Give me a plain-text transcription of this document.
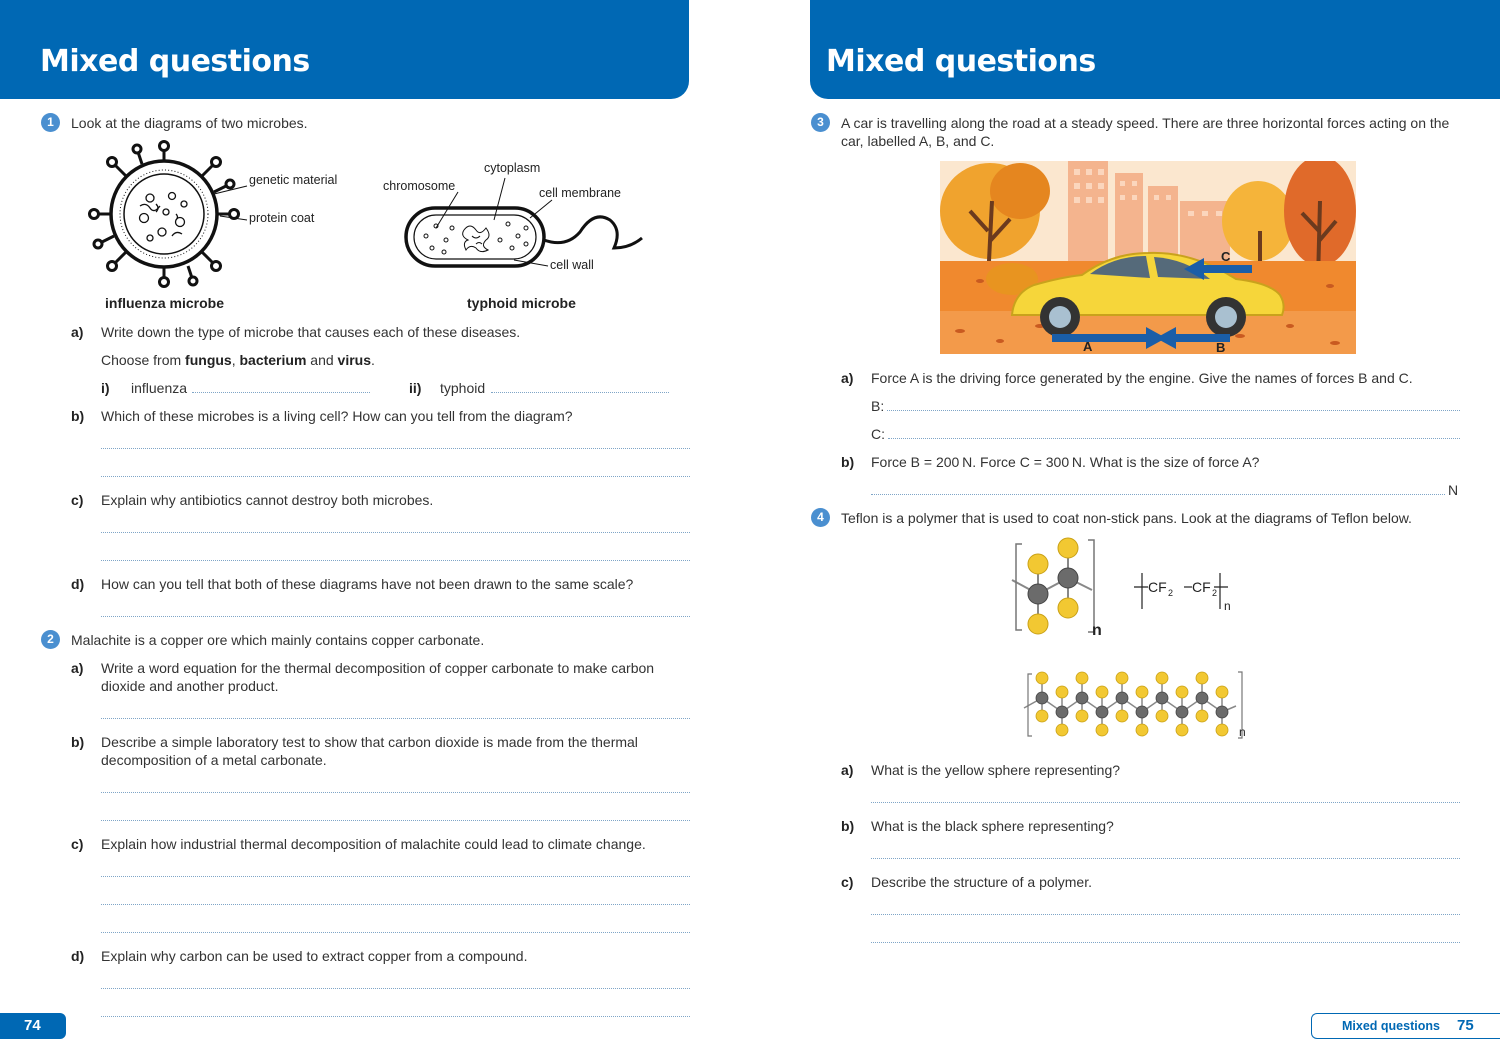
Mixed questions
1	Look at the diagrams of two microbes.
genetic material
protein coat
cytoplasm
chromosome	cell membrane
cell wall
influenza microbe	typhoid microbe
a) Write down the type of microbe that causes each of these diseases.
Choose from fungus, bacterium and virus.
i) influenza	ii) typhoid
b) Which of these microbes is a living cell? How can you tell from the diagram?
c) Explain why antibiotics cannot destroy both microbes.
d) How can you tell that both of these diagrams have not been drawn to the same scale?
2	Malachite is a copper ore which mainly contains copper carbonate.
a) Write a word equation for the thermal decomposition of copper carbonate to make carbon
dioxide and another product.
b) Describe a simple laboratory test to show that carbon dioxide is made from the thermal
decomposition of a metal carbonate.
c) Explain how industrial thermal decomposition of malachite could lead to climate change.
d) Explain why carbon can be used to extract copper from a compound.
74
Mixed questions
3	A car is travelling along the road at a steady speed. There are three horizontal forces acting on the
car, labelled A, B, and C.
A	B
C
a) Force A is the driving force generated by the engine. Give the names of forces B and C.
B:
C:
b) Force B = 200 N. Force C = 300 N. What is the size of force A?
N
4	Teflon is a polymer that is used to coat non-stick pans. Look at the diagrams of Teflon below.
n
CF 2 CF 2
n
n
a) What is the yellow sphere representing?
b) What is the black sphere representing?
c) Describe the structure of a polymer.
Mixed questions 75
